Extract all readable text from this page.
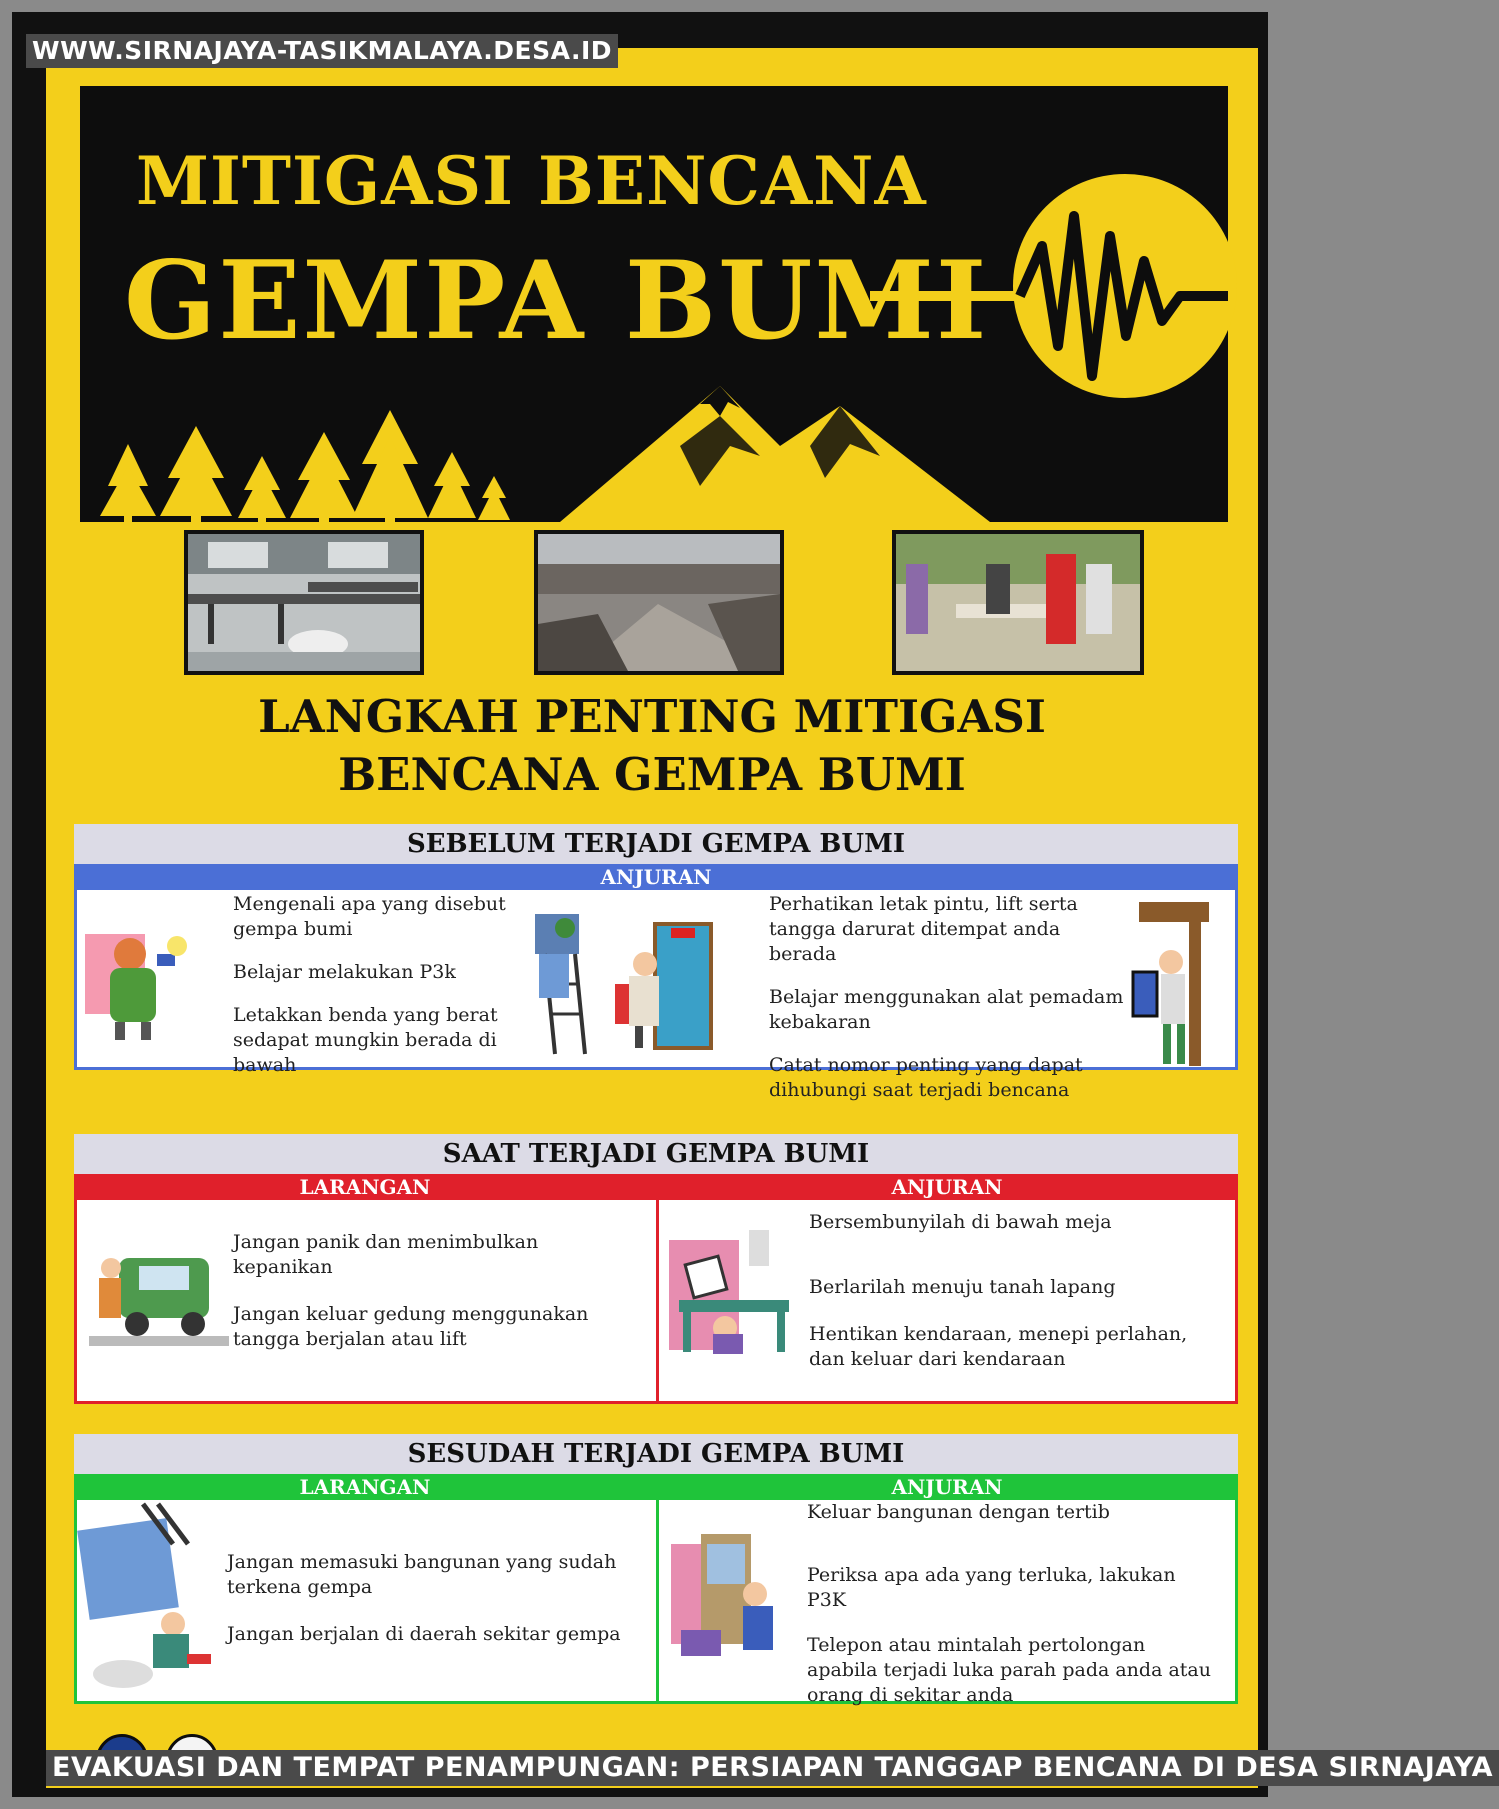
MITIGASI BENCANA
GEMPA BUMI
LANGKAH PENTING MITIGASI
BENCANA GEMPA BUMI
SEBELUM TERJADI GEMPA BUMI
ANJURAN

Mengenali apa yang disebut gempa bumi

Belajar melakukan P3k

Letakkan benda yang berat sedapat mungkin berada di bawah

Perhatikan letak pintu, lift serta tangga darurat ditempat anda berada

Belajar menggunakan alat pemadam kebakaran

Catat nomor penting yang dapat dihubungi saat terjadi bencana

SAAT TERJADI GEMPA BUMI
LARANGAN	ANJURAN

Jangan panik dan menimbulkan kepanikan

Jangan keluar gedung menggunakan tangga berjalan atau lift

Bersembunyilah di bawah meja

Berlarilah menuju tanah lapang

Hentikan kendaraan, menepi perlahan, dan keluar dari kendaraan

SESUDAH TERJADI GEMPA BUMI
LARANGAN	ANJURAN

Jangan memasuki bangunan yang sudah terkena gempa

Jangan berjalan di daerah sekitar gempa

Keluar bangunan dengan tertib

Periksa apa ada yang terluka, lakukan P3K

Telepon atau mintalah pertolongan apabila terjadi luka parah pada anda atau orang di sekitar anda

WWW.SIRNAJAYA-TASIKMALAYA.DESA.ID
EVAKUASI DAN TEMPAT PENAMPUNGAN: PERSIAPAN TANGGAP BENCANA DI DESA SIRNAJAYA
